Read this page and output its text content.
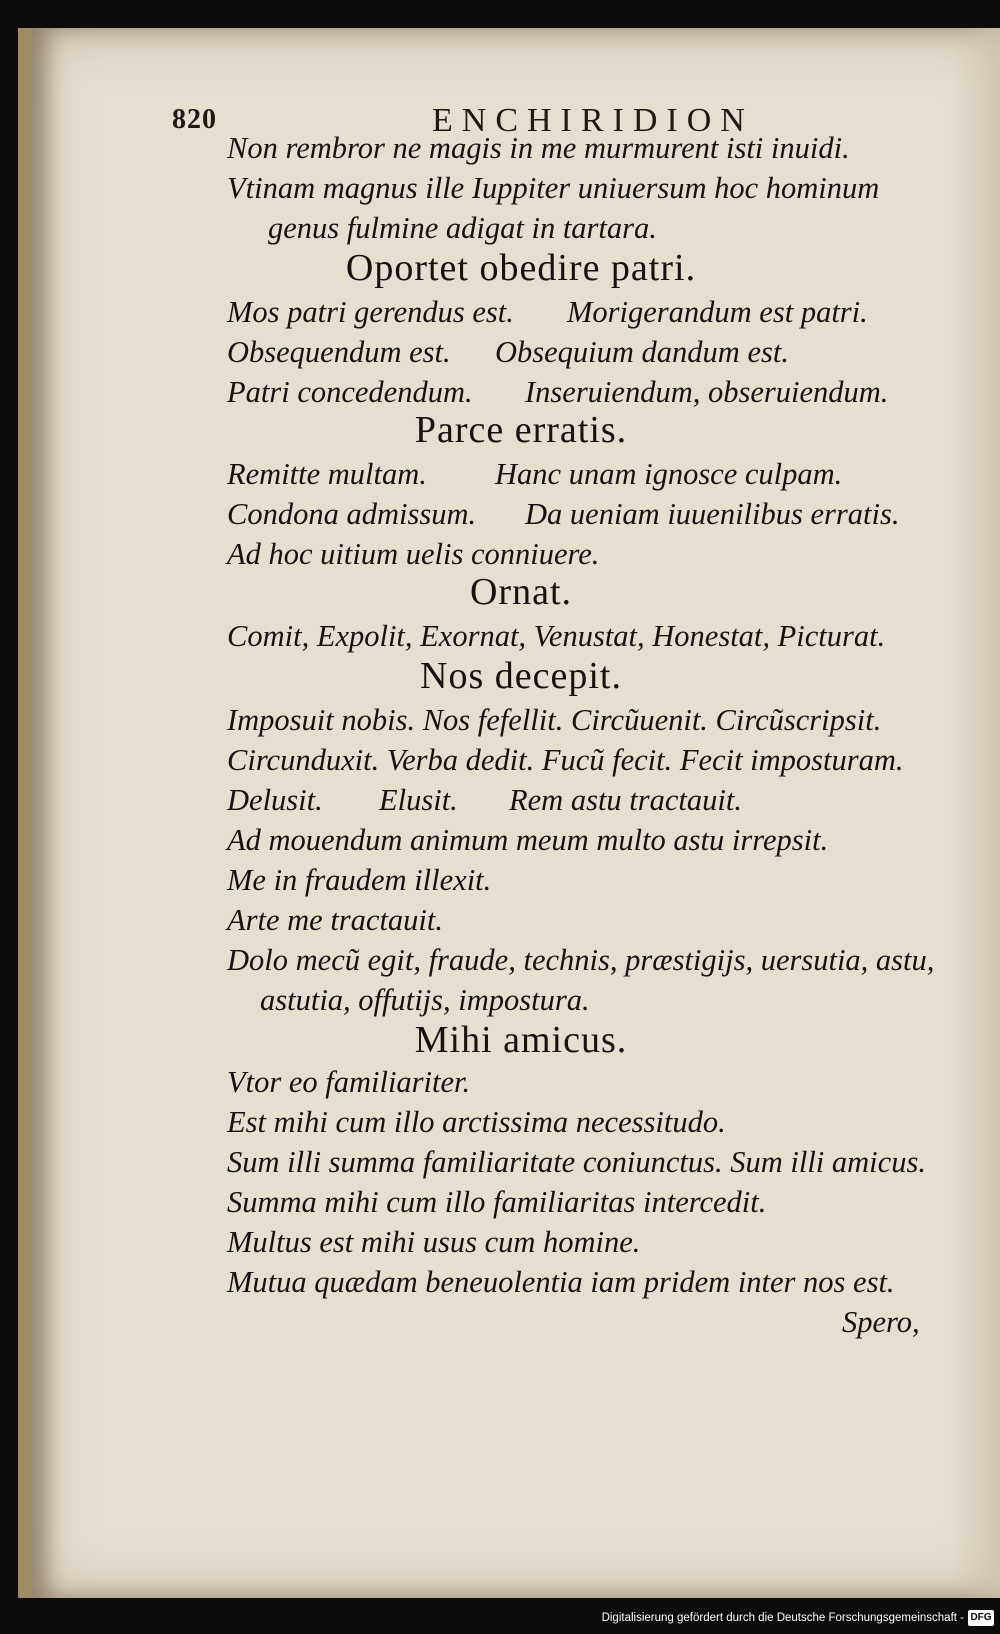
820	ENCHIRIDION
Non rembror ne magis in me murmurent isti inuidi.
Vtinam magnus ille Iuppiter uniuersum hoc hominum
genus fulmine adigat in tartara.
Oportet obedire patri.
Mos patri gerendus est. Morigerandum est patri.
Obsequendum est. Obsequium dandum est.
Patri concedendum. Inseruiendum, obseruiendum.
Parce erratis.
Remitte multam. Hanc unam ignosce culpam.
Condona admissum. Da ueniam iuuenilibus erratis.
Ad hoc uitium uelis conniuere.
Ornat.
Comit, Expolit, Exornat, Venustat, Honestat, Picturat.
Nos decepit.
Imposuit nobis. Nos fefellit. Circũuenit. Circũscripsit.
Circunduxit. Verba dedit. Fucũ fecit. Fecit imposturam.
Delusit. Elusit. Rem astu tractauit.
Ad mouendum animum meum multo astu irrepsit.
Me in fraudem illexit.
Arte me tractauit.
Dolo mecũ egit, fraude, technis, præstigijs, uersutia, astu,
astutia, offutijs, impostura.
Mihi amicus.
Vtor eo familiariter.
Est mihi cum illo arctissima necessitudo.
Sum illi summa familiaritate coniunctus. Sum illi amicus.
Summa mihi cum illo familiaritas intercedit.
Multus est mihi usus cum homine.
Mutua quædam beneuolentia iam pridem inter nos est.
Spero,
Digitalisierung gefördert durch die Deutsche Forschungsgemeinschaft - DFG
